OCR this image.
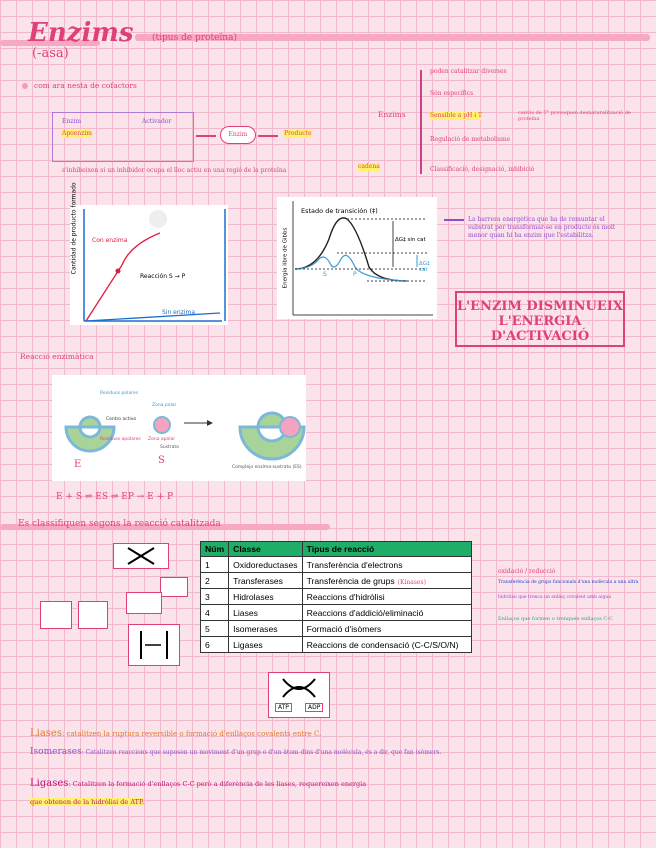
Enzims
(-asa)
(tipus de proteïna)
com ara nesta de cofactors
Enzim	Activador
Apoenzim	Enzim	Producte
s'inhibeixen si un inhibidor ocupa el lloc actiu en una regió de la proteïna
cadena
Enzims
poden catalitzar diverses
Són específics
Sensible a pH i T	canvis de T° provoquen desnaturalització de proteïna
Regulació de metabolisme
Classificació, designació, inhibició
Cantidad de producto formado Con enzima
Reacción S → P
Sin enzima
Estado de transición (‡)
Energía libre de Gibbs	ΔG‡ sin cat
ΔG‡ cat
S	P
La barrera energètica que ha de remuntar el substrat per transformar-se en producte és molt menor quan hi ha enzim que l'estabilitza.
L'ENZIM DISMINUEIX
L'ENERGIA D'ACTIVACIÓ
Reacció enzimàtica
Residuos polares
Centro activo
Residuos apolares
Zona polar
Zona apolar
Sustrato
Complejo enzima-sustrato (ES)
E	S
E + S ⇌ ES ⇌ EP → E + P
Es classifiquen segons la reacció catalitzada
Núm	Classe	Tipus de reacció
1	Oxidoreductases	Transferència d'electrons
2	Transferases	Transferència de grups (Kinases)
3	Hidrolases	Reaccions d'hidròlisi
4	Liases	Reaccions d'addició/eliminació
5	Isomerases	Formació d'isòmers
6	Ligases	Reaccions de condensació (C-C/S/O/N)
oxidació / reducció
Transferència de grups funcionals d'una molècula a una altra
hidròlisi que trenca un enllaç covalent amb aigua
Enllaços que formen o trenquen enllaços C-C
ATP	ADP
Liases: catalitzen la ruptura reversible o formació d'enllaços covalents entre C.
Isomerases: Catalitzen reaccions que suposen un moviment d'un grup o d'un àtom dins d'una molècula, és a dir, que fan isòmers.
Ligases: Catalitzen la formació d'enllaços C-C però a diferència de les liases, requereixen energia
que obtenen de la hidròlisi de ATP.
